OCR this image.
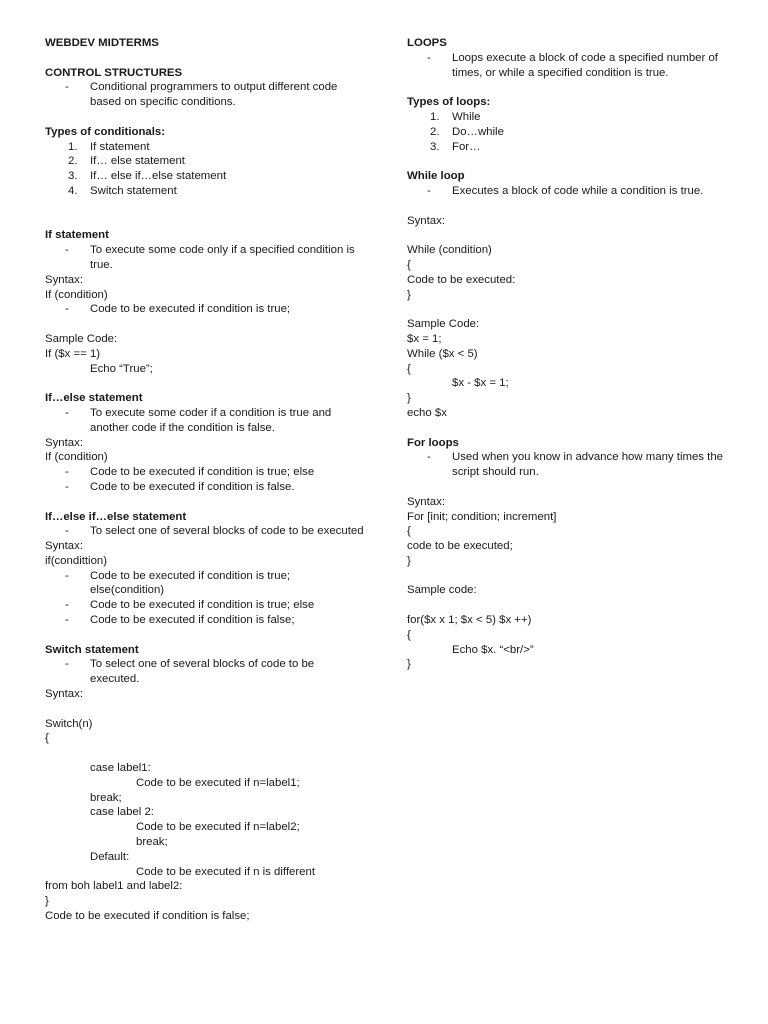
WEBDEV MIDTERMS
CONTROL STRUCTURES
-	Conditional programmers to output different code based on specific conditions.
Types of conditionals:
1.	If statement
2.	If… else statement
3.	If… else if…else statement
4.	Switch statement
If statement
-	To execute some code only if a specified condition is true.
Syntax:
If (condition)
-	Code to be executed if condition is true;
Sample Code:
If ($x == 1)
Echo “True”;
If…else statement
-	To execute some coder if a condition is true and another code if the condition is false.
Syntax:
If (condition)
-	Code to be executed if condition is true; else
-	Code to be executed if condition is false.
If…else if…else statement
-	To select one of several blocks of code to be executed
Syntax:
if(condittion)
-	Code to be executed if condition is true; else(condition)
-	Code to be executed if condition is true; else
-	Code to be executed if condition is false;
Switch statement
-	To select one of several blocks of code to be executed.
Syntax:
Switch(n)
{
case label1:
Code to be executed if n=label1;
break;
case label 2:
Code to be executed if n=label2;
break;
Default:
Code to be executed if n is different
from boh label1 and label2:
}
Code to be executed if condition is false;
LOOPS
-	Loops execute a block of code a specified number of times, or while a specified condition is true.
Types of loops:
1.	While
2.	Do…while
3.	For…
While loop
-	Executes a block of code while a condition is true.
Syntax:
While (condition)
{
Code to be executed:
}
Sample Code:
$x = 1;
While ($x < 5)
{
$x - $x = 1;
}
echo $x
For loops
-	Used when you know in advance how many times the script should run.
Syntax:
For [init; condition; increment]
{
code to be executed;
}
Sample code:
for($x x 1; $x < 5) $x ++)
{
Echo $x. “<br/>”
}
